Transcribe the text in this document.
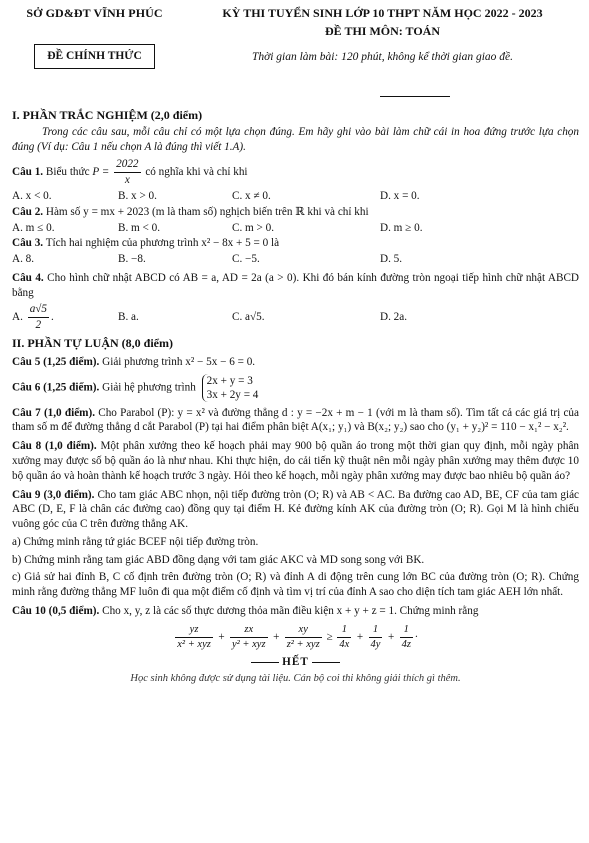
SỞ GD&ĐT VĨNH PHÚC
ĐỀ CHÍNH THỨC
KỲ THI TUYỂN SINH LỚP 10 THPT NĂM HỌC 2022 - 2023
ĐỀ THI MÔN: TOÁN
Thời gian làm bài: 120 phút, không kể thời gian giao đề.
I. PHẦN TRẮC NGHIỆM (2,0 điểm)

Trong các câu sau, mỗi câu chỉ có một lựa chọn đúng. Em hãy ghi vào bài làm chữ cái in hoa đứng trước lựa chọn đúng (Ví dụ: Câu 1 nếu chọn A là đúng thì viết 1.A).

Câu 1. Biểu thức $P = \frac{2022}{x}$ có nghĩa khi và chỉ khi
A. x < 0.	B. x > 0.	C. x ≠ 0.	D. x = 0.
Câu 2. Hàm số y = mx + 2023 (m là tham số) nghịch biến trên ℝ khi và chỉ khi
A. m ≤ 0.	B. m < 0.	C. m > 0.	D. m ≥ 0.
Câu 3. Tích hai nghiệm của phương trình x² − 8x + 5 = 0 là
A. 8.	B. −8.	C. −5.	D. 5.
Câu 4. Cho hình chữ nhật ABCD có AB = a, AD = 2a (a > 0). Khi đó bán kính đường tròn ngoại tiếp hình chữ nhật ABCD bằng
A. $\frac{a√5}{2}$ .	B. a.	C. a√5.	D. 2a.
II. PHẦN TỰ LUẬN (8,0 điểm)
Câu 5 (1,25 điểm). Giải phương trình x² − 5x − 6 = 0.
Câu 6 (1,25 điểm). Giải hệ phương trình
2x + y = 3
3x + 2y = 4
Câu 7 (1,0 điểm). Cho Parabol (P): y = x² và đường thẳng d : y = −2x + m − 1 (với m là tham số). Tìm tất cả các giá trị của tham số m để đường thẳng d cắt Parabol (P) tại hai điểm phân biệt A(x₁; y₁) và B(x₂; y₂) sao cho (y₁ + y₂)² = 110 − x₁² − x₂².
Câu 8 (1,0 điểm). Một phân xưởng theo kế hoạch phải may 900 bộ quần áo trong một thời gian quy định, mỗi ngày phân xưởng may được số bộ quần áo là như nhau. Khi thực hiện, do cải tiến kỹ thuật nên mỗi ngày phân xưởng may thêm được 10 bộ quần áo và hoàn thành kế hoạch trước 3 ngày. Hỏi theo kế hoạch, mỗi ngày phân xưởng may được bao nhiêu bộ quần áo?
Câu 9 (3,0 điểm). Cho tam giác ABC nhọn, nội tiếp đường tròn (O; R) và AB < AC. Ba đường cao AD, BE, CF của tam giác ABC (D, E, F là chân các đường cao) đồng quy tại điểm H. Kẻ đường kính AK của đường tròn (O; R). Gọi M là hình chiếu vuông góc của C trên đường thẳng AK.

a) Chứng minh rằng tứ giác BCEF nội tiếp đường tròn.

b) Chứng minh rằng tam giác ABD đồng dạng với tam giác AKC và MD song song với BK.

c) Giả sử hai đỉnh B, C cố định trên đường tròn (O; R) và đỉnh A di động trên cung lớn BC của đường tròn (O; R). Chứng minh rằng đường thẳng MF luôn đi qua một điểm cố định và tìm vị trí của đỉnh A sao cho diện tích tam giác AEH lớn nhất.

Câu 10 (0,5 điểm). Cho x, y, z là các số thực dương thỏa mãn điều kiện x + y + z = 1. Chứng minh rằng
$\frac{yz}{\text{x² + xyz}} + \frac{zx}{\text{y² + xyz}} + \frac{xy}{\text{z² + xyz}} \ge \frac{1}{4x} + \frac{1}{4y} + \frac{1}{4z}$ ·
HẾT
Học sinh không được sử dụng tài liệu. Cán bộ coi thi không giải thích gì thêm.
